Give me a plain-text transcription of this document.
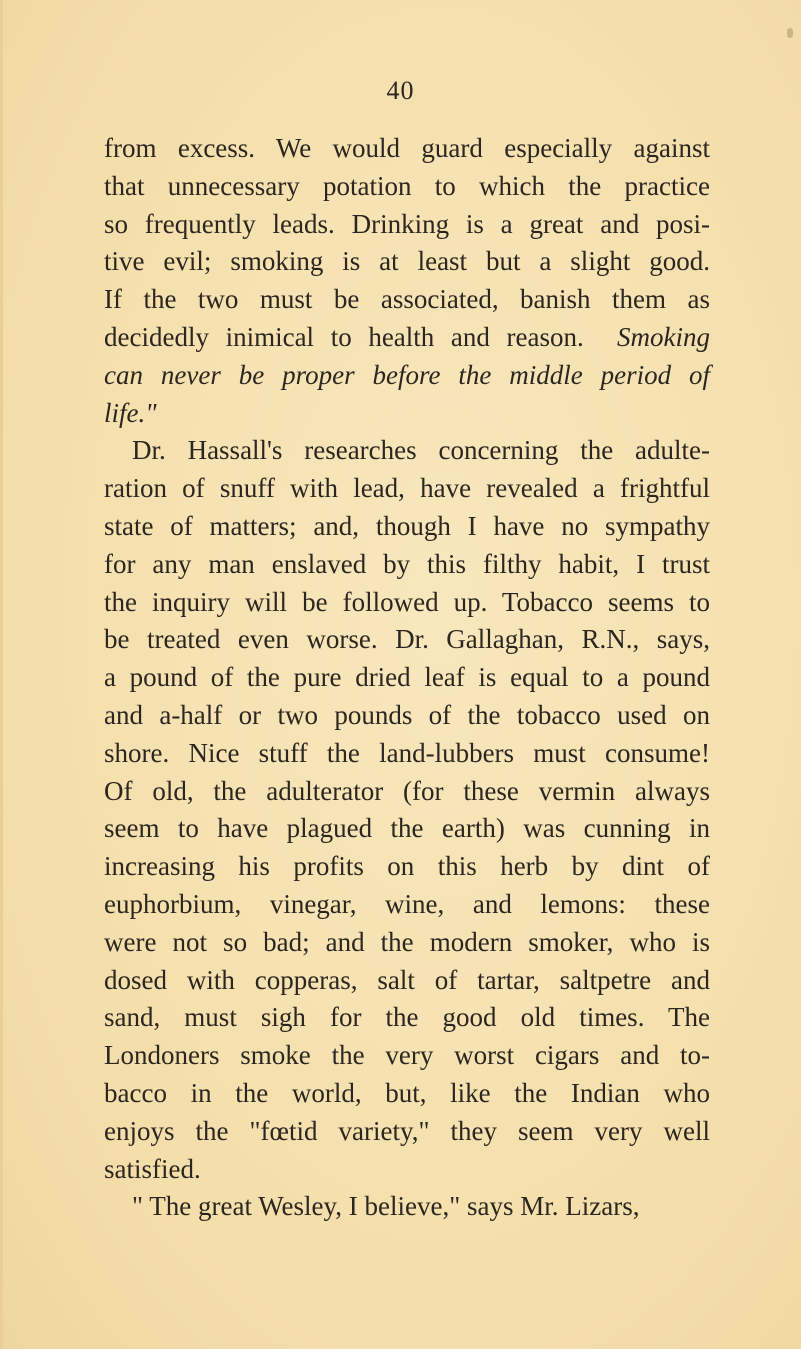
40
from excess. We would guard especially against
that unnecessary potation to which the practice
so frequently leads. Drinking is a great and posi-
tive evil; smoking is at least but a slight good.
If the two must be associated, banish them as
decidedly inimical to health and reason. Smoking
can never be proper before the middle period of
life."
Dr. Hassall's researches concerning the adulte-
ration of snuff with lead, have revealed a frightful
state of matters; and, though I have no sympathy
for any man enslaved by this filthy habit, I trust
the inquiry will be followed up. Tobacco seems to
be treated even worse. Dr. Gallaghan, R.N., says,
a pound of the pure dried leaf is equal to a pound
and a-half or two pounds of the tobacco used on
shore. Nice stuff the land-lubbers must consume!
Of old, the adulterator (for these vermin always
seem to have plagued the earth) was cunning in
increasing his profits on this herb by dint of
euphorbium, vinegar, wine, and lemons: these
were not so bad; and the modern smoker, who is
dosed with copperas, salt of tartar, saltpetre and
sand, must sigh for the good old times. The
Londoners smoke the very worst cigars and to-
bacco in the world, but, like the Indian who
enjoys the "fœtid variety," they seem very well
satisfied.
" The great Wesley, I believe," says Mr. Lizars,
